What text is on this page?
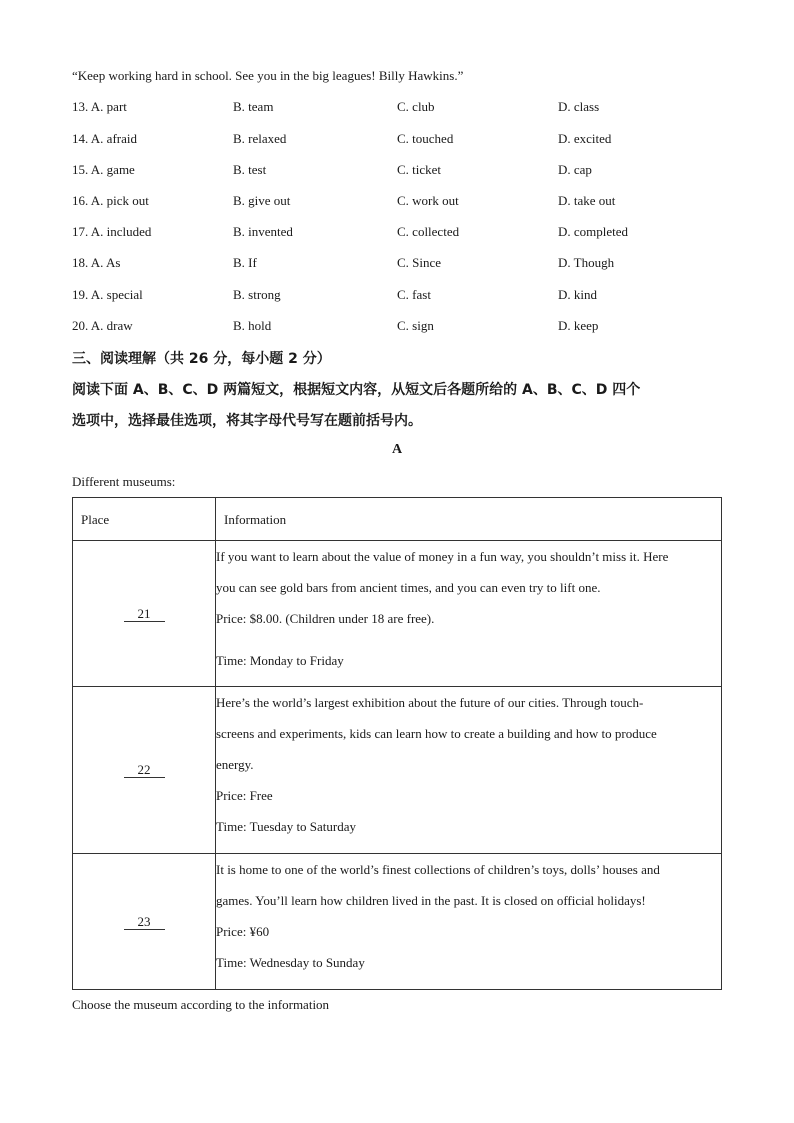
“Keep working hard in school. See you in the big leagues! Billy Hawkins.”
13. A. part	B. team	C. club	D. class
14. A. afraid	B. relaxed	C. touched	D. excited
15. A. game	B. test	C. ticket	D. cap
16. A. pick out	B. give out	C. work out	D. take out
17. A. included	B. invented	C. collected	D. completed
18. A. As	B. If	C. Since	D. Though
19. A. special	B. strong	C. fast	D. kind
20. A. draw	B. hold	C. sign	D. keep
三、阅读理解（共 26 分，每小题 2 分）
阅读下面 A、B、C、D 两篇短文，根据短文内容，从短文后各题所给的 A、B、C、D 四个
选项中，选择最佳选项，将其字母代号写在题前括号内。
A
Different museums:
Place	Information

21	If you want to learn about the value of money in a fun way, you shouldn’t miss it. Here
you can see gold bars from ancient times, and you can even try to lift one.
Price: $8.00. (Children under 18 are free).
Time: Monday to Friday

22	Here’s the world’s largest exhibition about the future of our cities. Through touch-
screens and experiments, kids can learn how to create a building and how to produce
energy.
Price: Free
Time: Tuesday to Saturday

23	It is home to one of the world’s finest collections of children’s toys, dolls’ houses and
games. You’ll learn how children lived in the past. It is closed on official holidays!
Price: ¥60
Time: Wednesday to Sunday
Choose the museum according to the information
